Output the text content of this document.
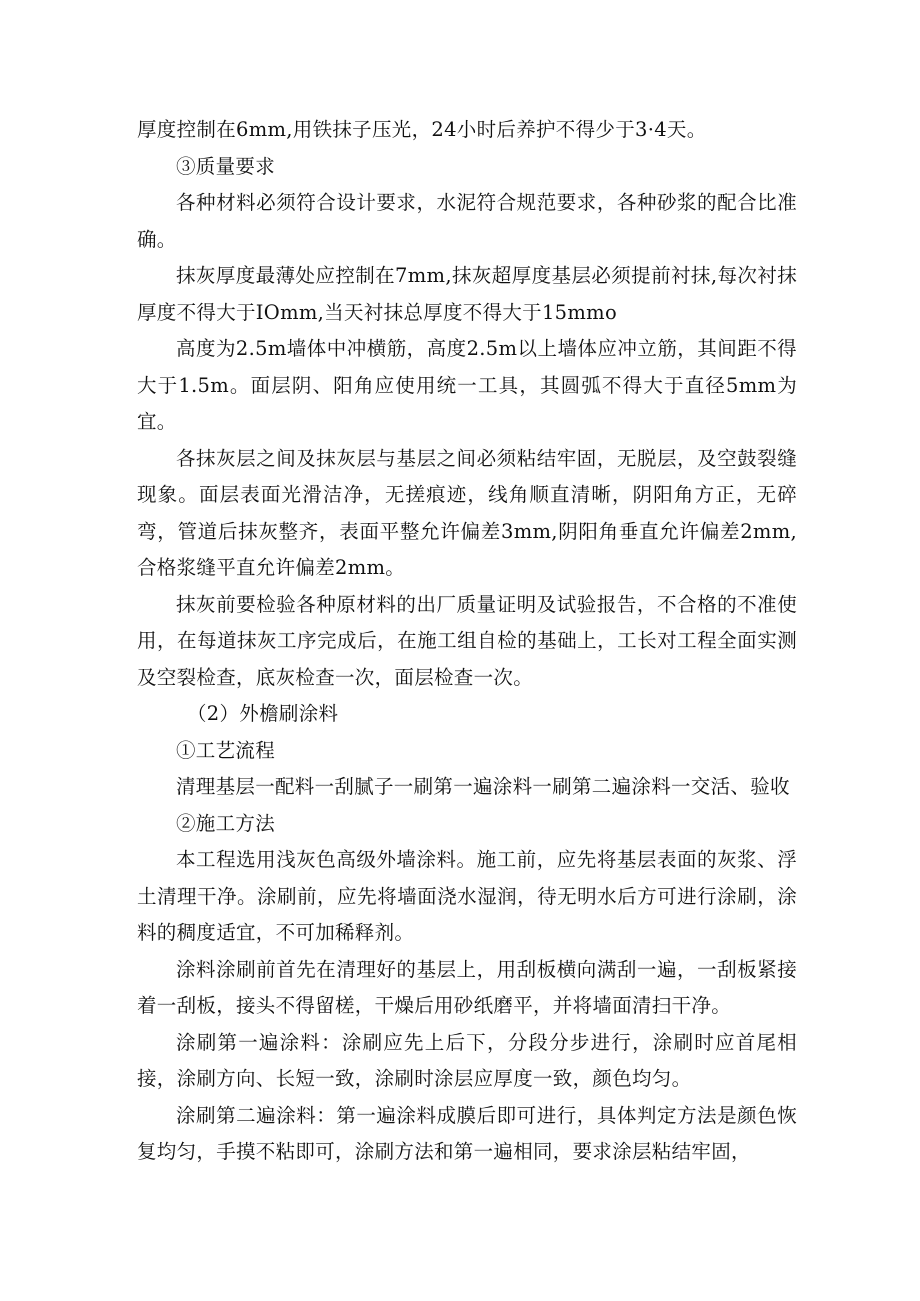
厚度控制在6mm,用铁抹子压光，24小时后养护不得少于3·4天。

③质量要求

各种材料必须符合设计要求，水泥符合规范要求，各种砂浆的配合比准确。

抹灰厚度最薄处应控制在7mm,抹灰超厚度基层必须提前衬抹,每次衬抹厚度不得大于IOmm,当天衬抹总厚度不得大于15mmo

高度为2.5m墙体中冲横筋，高度2.5m以上墙体应冲立筋，其间距不得大于1.5m。面层阴、阳角应使用统一工具，其圆弧不得大于直径5mm为宜。

各抹灰层之间及抹灰层与基层之间必须粘结牢固，无脱层，及空鼓裂缝现象。面层表面光滑洁净，无搓痕迹，线角顺直清晰，阴阳角方正，无碎弯，管道后抹灰整齐，表面平整允许偏差3mm,阴阳角垂直允许偏差2mm,合格浆缝平直允许偏差2mm。

抹灰前要检验各种原材料的出厂质量证明及试验报告，不合格的不准使用，在每道抹灰工序完成后，在施工组自检的基础上，工长对工程全面实测及空裂检查，底灰检查一次，面层检查一次。

（2）外檐刷涂料

①工艺流程

清理基层一配料一刮腻子一刷第一遍涂料一刷第二遍涂料一交活、验收

②施工方法

本工程选用浅灰色高级外墙涂料。施工前，应先将基层表面的灰浆、浮土清理干净。涂刷前，应先将墙面浇水湿润，待无明水后方可进行涂刷，涂料的稠度适宜，不可加稀释剂。

涂料涂刷前首先在清理好的基层上，用刮板横向满刮一遍，一刮板紧接着一刮板，接头不得留槎，干燥后用砂纸磨平，并将墙面清扫干净。

涂刷第一遍涂料：涂刷应先上后下，分段分步进行，涂刷时应首尾相接，涂刷方向、长短一致，涂刷时涂层应厚度一致，颜色均匀。

涂刷第二遍涂料：第一遍涂料成膜后即可进行，具体判定方法是颜色恢复均匀，手摸不粘即可，涂刷方法和第一遍相同，要求涂层粘结牢固，
